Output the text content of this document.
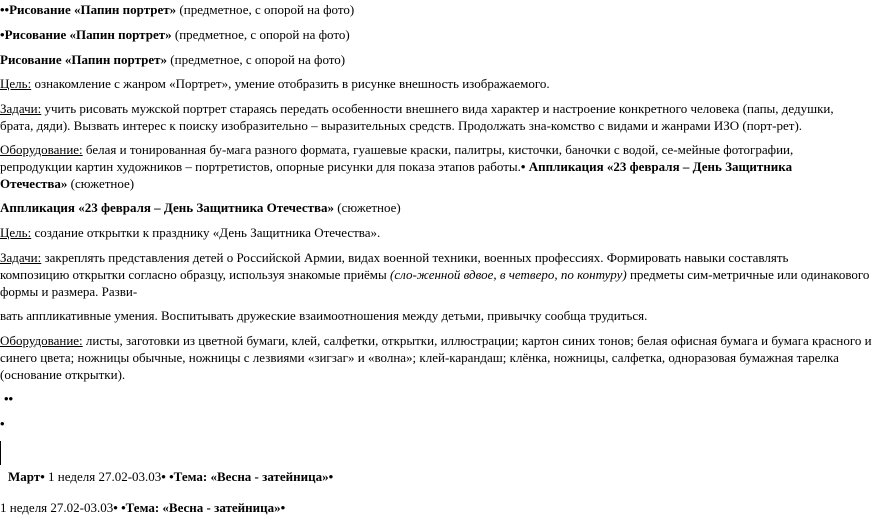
••Рисование «Папин портрет» (предметное, с опорой на фото)
•Рисование «Папин портрет» (предметное, с опорой на фото)
Рисование «Папин портрет» (предметное, с опорой на фото)
Цель: ознакомление с жанром «Портрет», умение отобразить в рисунке внешность изображаемого.
Задачи: учить рисовать мужской портрет стараясь передать особенности внешнего вида характер и настроение конкретного человека (папы, дедушки,
брата, дяди). Вызвать интерес к поиску изобразительно – выразительных средств. Продолжать зна-комство с видами и жанрами ИЗО (порт-рет).
Оборудование: белая и тонированная бу-мага разного формата, гуашевые краски, палитры, кисточки, баночки с водой, се-мейные фотографии,
репродукции картин художников – портретистов, опорные рисунки для показа этапов работы.• Аппликация «23 февраля – День Защитника
Отечества» (сюжетное)
Аппликация «23 февраля – День Защитника Отечества» (сюжетное)
Цель: создание открытки к празднику «День Защитника Отечества».
Задачи: закреплять представления детей о Российской Армии, видах военной техники, военных профессиях. Формировать навыки составлять
композицию открытки согласно образцу, используя знакомые приёмы (сло-женной вдвое, в четверо, по контуру) предметы сим-метричные или одинакового
формы и размера. Разви-
вать аппликативные умения. Воспитывать дружеские взаимоотношения между детьми, привычку сообща трудиться.
Оборудование: листы, заготовки из цветной бумаги, клей, салфетки, открытки, иллюстрации; картон синих тонов; белая офисная бумага и бумага красного и
синего цвета; ножницы обычные, ножницы с лезвиями «зигзаг» и «волна»; клей-карандаш; клёнка, ножницы, салфетка, одноразовая бумажная тарелка
(основание открытки).
••
•
Март• 1 неделя 27.02-03.03• •Тема: «Весна - затейница»•
1 неделя 27.02-03.03• •Тема: «Весна - затейница»•
